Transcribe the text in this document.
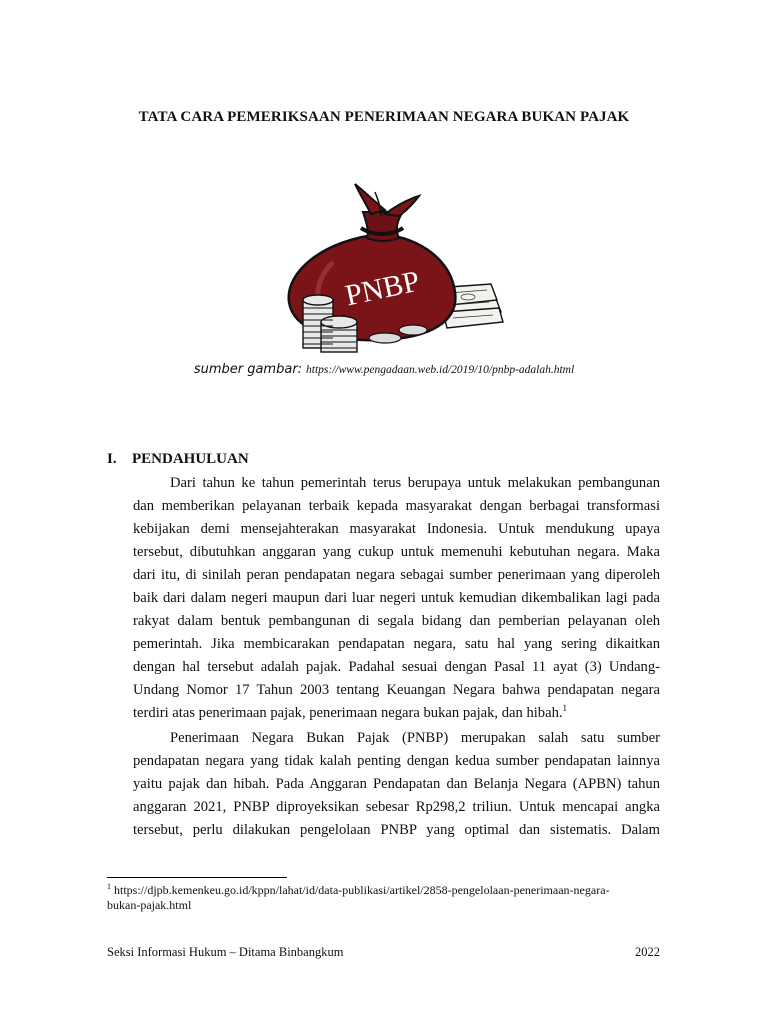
TATA CARA PEMERIKSAAN PENERIMAAN NEGARA BUKAN PAJAK
PNBP
sumber gambar: https://www.pengadaan.web.id/2019/10/pnbp-adalah.html
I. PENDAHULUAN
Dari tahun ke tahun pemerintah terus berupaya untuk melakukan pembangunan
dan memberikan pelayanan terbaik kepada masyarakat dengan berbagai transformasi
kebijakan demi mensejahterakan masyarakat Indonesia. Untuk mendukung upaya
tersebut, dibutuhkan anggaran yang cukup untuk memenuhi kebutuhan negara. Maka
dari itu, di sinilah peran pendapatan negara sebagai sumber penerimaan yang diperoleh
baik dari dalam negeri maupun dari luar negeri untuk kemudian dikembalikan lagi pada
rakyat dalam bentuk pembangunan di segala bidang dan pemberian pelayanan oleh
pemerintah. Jika membicarakan pendapatan negara, satu hal yang sering dikaitkan
dengan hal tersebut adalah pajak. Padahal sesuai dengan Pasal 11 ayat (3) Undang-
Undang Nomor 17 Tahun 2003 tentang Keuangan Negara bahwa pendapatan negara
terdiri atas penerimaan pajak, penerimaan negara bukan pajak, dan hibah.$^1$
Penerimaan Negara Bukan Pajak (PNBP) merupakan salah satu sumber
pendapatan negara yang tidak kalah penting dengan kedua sumber pendapatan lainnya
yaitu pajak dan hibah. Pada Anggaran Pendapatan dan Belanja Negara (APBN) tahun
anggaran 2021, PNBP diproyeksikan sebesar Rp298,2 triliun. Untuk mencapai angka
tersebut, perlu dilakukan pengelolaan PNBP yang optimal dan sistematis. Dalam
$^1$ https://djpb.kemenkeu.go.id/kppn/lahat/id/data-publikasi/artikel/2858-pengelolaan-penerimaan-negara-
bukan-pajak.html
Seksi Informasi Hukum – Ditama Binbangkum	2022
